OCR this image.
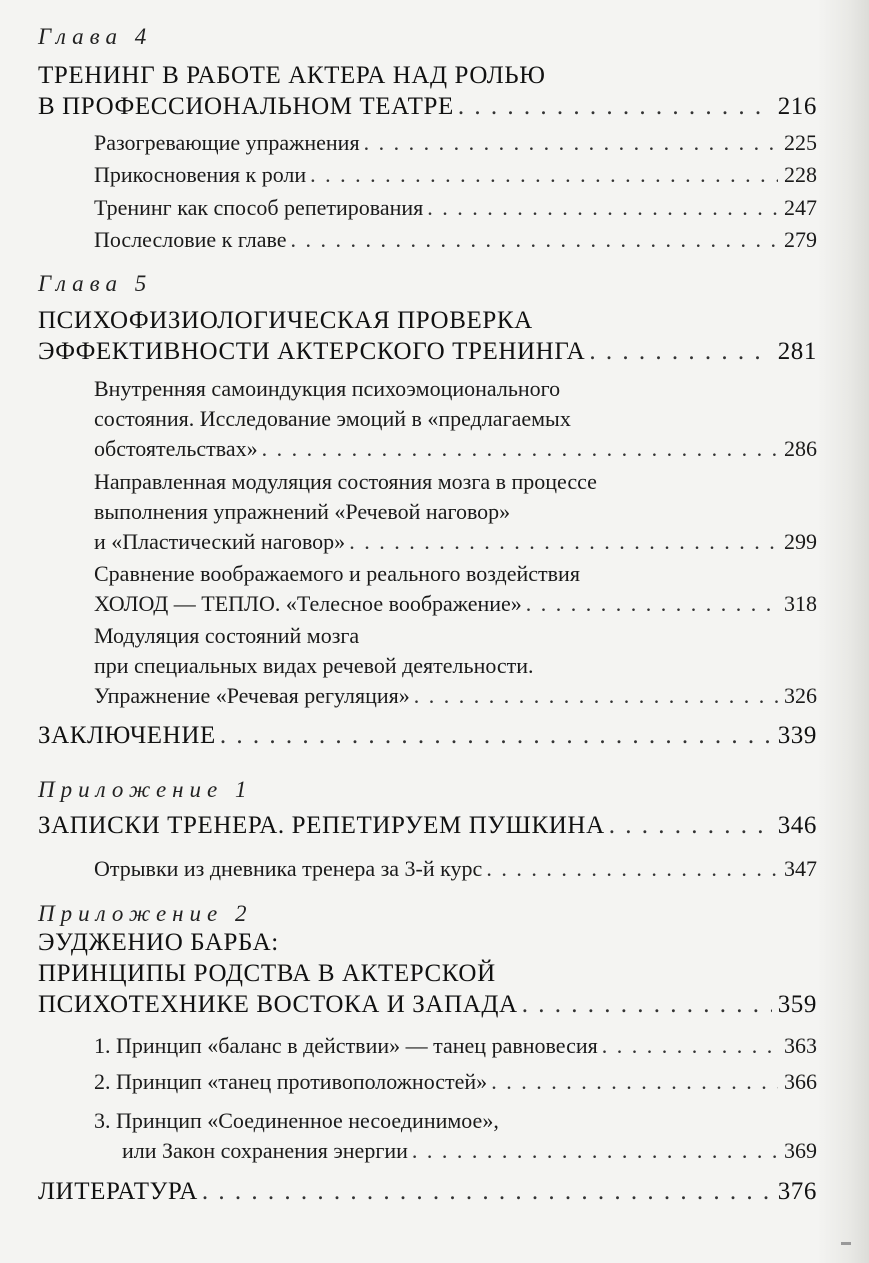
Глава 4
ТРЕНИНГ В РАБОТЕ АКТЕРА НАД РОЛЬЮ
В ПРОФЕССИОНАЛЬНОМ ТЕАТРЕ . . .	216
Разогревающие упражнения . . .	225
Прикосновения к роли . . .	228
Тренинг как способ репетирования . . .	247
Послесловие к главе . . .	279
Глава 5
ПСИХОФИЗИОЛОГИЧЕСКАЯ ПРОВЕРКА
ЭФФЕКТИВНОСТИ АКТЕРСКОГО ТРЕНИНГА . . .	281
Внутренняя самоиндукция психоэмоционального
состояния. Исследование эмоций в «предлагаемых
обстоятельствах» . . .	286
Направленная модуляция состояния мозга в процессе
выполнения упражнений «Речевой наговор»
и «Пластический наговор» . . .	299
Сравнение воображаемого и реального воздействия
ХОЛОД — ТЕПЛО. «Телесное воображение» . . .	318
Модуляция состояний мозга
при специальных видах речевой деятельности.
Упражнение «Речевая регуляция» . . .	326
ЗАКЛЮЧЕНИЕ . . .	339
Приложение 1
ЗАПИСКИ ТРЕНЕРА. РЕПЕТИРУЕМ ПУШКИНА . . .	346
Отрывки из дневника тренера за 3-й курс . . .	347
Приложение 2
ЭУДЖЕНИО БАРБА:
ПРИНЦИПЫ РОДСТВА В АКТЕРСКОЙ
ПСИХОТЕХНИКЕ ВОСТОКА И ЗАПАДА . . .	359
1. Принцип «баланс в действии» — танец равновесия . . .	363
2. Принцип «танец противоположностей» . . .	366
3. Принцип «Соединенное несоединимое»,
или Закон сохранения энергии . . .	369
ЛИТЕРАТУРА . . .	376
